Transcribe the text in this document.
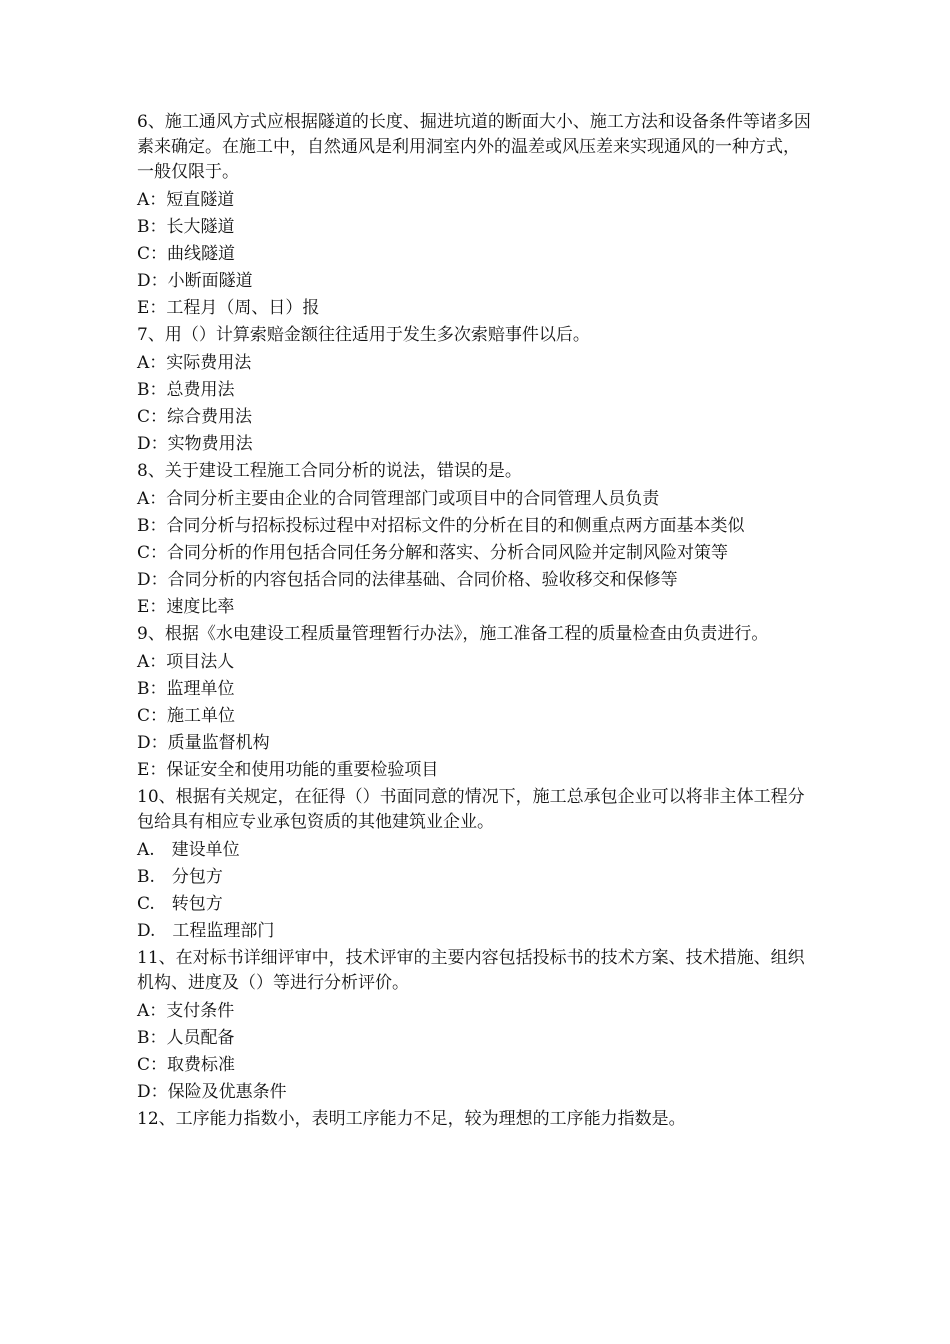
6、施工通风方式应根据隧道的长度、掘进坑道的断面大小、施工方法和设备条件等诸多因素来确定。在施工中，自然通风是利用洞室内外的温差或风压差来实现通风的一种方式，一般仅限于。
A：短直隧道
B：长大隧道
C：曲线隧道
D：小断面隧道
E：工程月（周、日）报
7、用（）计算索赔金额往往适用于发生多次索赔事件以后。
A：实际费用法
B：总费用法
C：综合费用法
D：实物费用法
8、关于建设工程施工合同分析的说法，错误的是。
A：合同分析主要由企业的合同管理部门或项目中的合同管理人员负责
B：合同分析与招标投标过程中对招标文件的分析在目的和侧重点两方面基本类似
C：合同分析的作用包括合同任务分解和落实、分析合同风险并定制风险对策等
D：合同分析的内容包括合同的法律基础、合同价格、验收移交和保修等
E：速度比率
9、根据《水电建设工程质量管理暂行办法》，施工准备工程的质量检查由负责进行。
A：项目法人
B：监理单位
C：施工单位
D：质量监督机构
E：保证安全和使用功能的重要检验项目
10、根据有关规定，在征得（）书面同意的情况下，施工总承包企业可以将非主体工程分包给具有相应专业承包资质的其他建筑业企业。
A.　建设单位
B.　分包方
C.　转包方
D.　工程监理部门
11、在对标书详细评审中，技术评审的主要内容包括投标书的技术方案、技术措施、组织机构、进度及（）等进行分析评价。
A：支付条件
B：人员配备
C：取费标准
D：保险及优惠条件
12、工序能力指数小，表明工序能力不足，较为理想的工序能力指数是。
